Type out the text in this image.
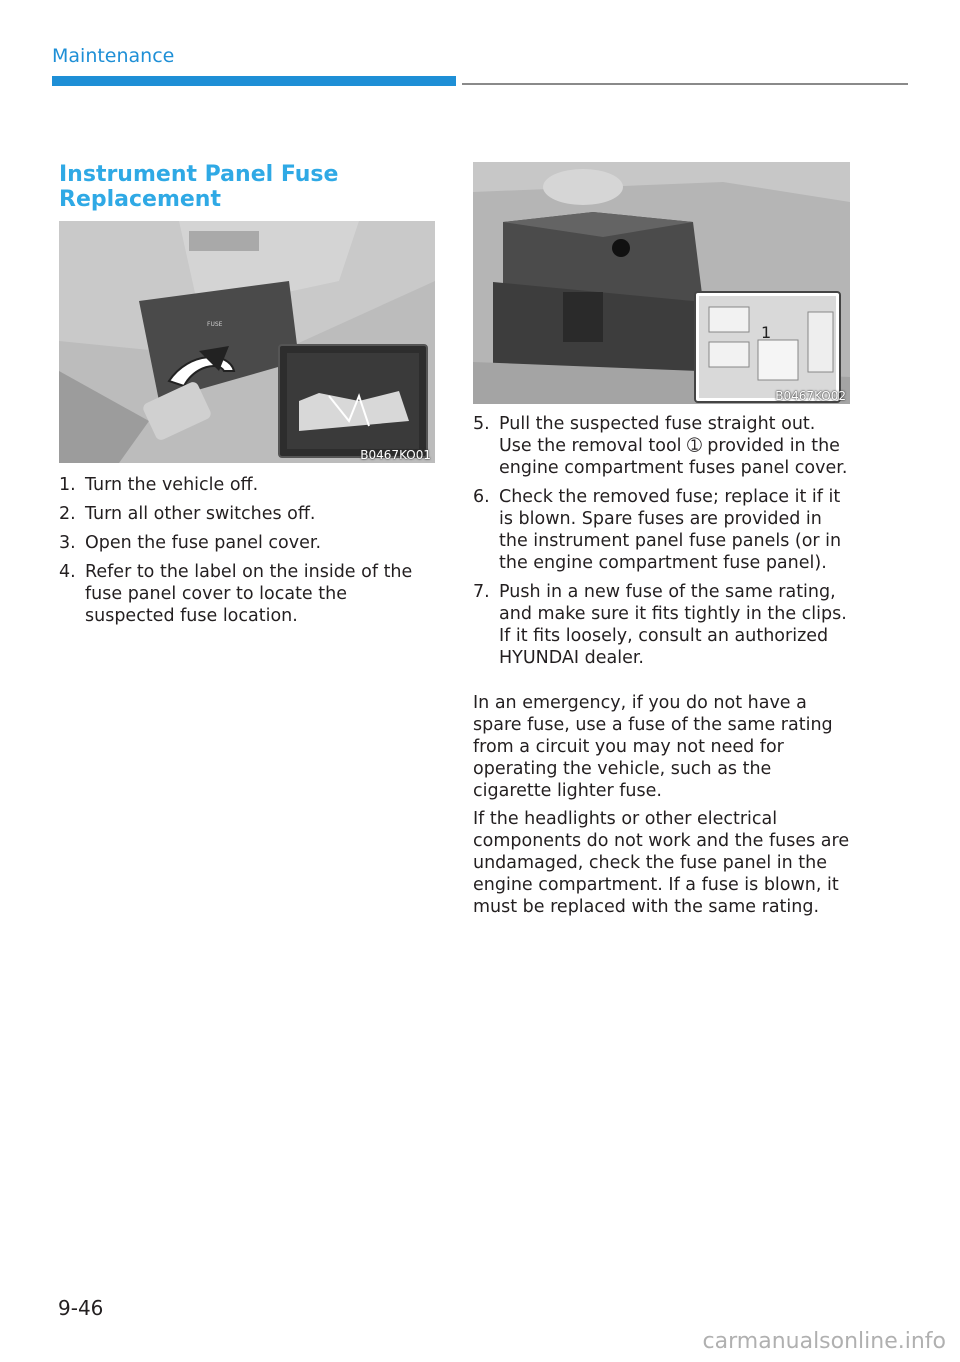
Maintenance
Instrument Panel Fuse Replacement
FUSE
B0467KO01
1
B0467KO02
1. Turn the vehicle off.
2. Turn all other switches off.
3. Open the fuse panel cover.
4. Refer to the label on the inside of the fuse panel cover to locate the suspected fuse location.
5. Pull the suspected fuse straight out. Use the removal tool ➀ provided in the engine compartment fuses panel cover.
6. Check the removed fuse; replace it if it is blown. Spare fuses are provided in the instrument panel fuse panels (or in the engine compartment fuse panel).
7. Push in a new fuse of the same rating, and make sure it fits tightly in the clips. If it fits loosely, consult an authorized HYUNDAI dealer.

In an emergency, if you do not have a spare fuse, use a fuse of the same rating from a circuit you may not need for operating the vehicle, such as the cigarette lighter fuse.

If the headlights or other electrical components do not work and the fuses are undamaged, check the fuse panel in the engine compartment. If a fuse is blown, it must be replaced with the same rating.

9-46
carmanualsonline.info
